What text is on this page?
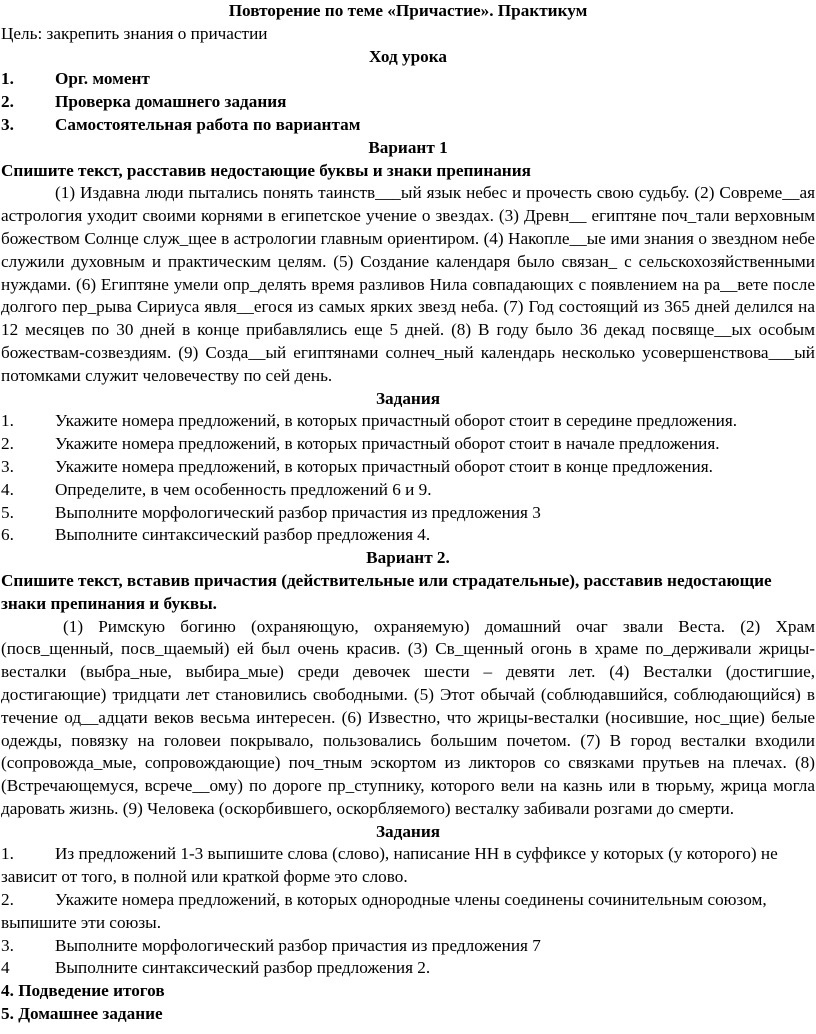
Повторение по теме «Причастие». Практикум

Цель: закрепить знания о причастии

Ход урока
1.	Орг. момент
2.	Проверка домашнего задания
3.	Самостоятельная работа по вариантам
Вариант 1

Спишите текст, расставив недостающие буквы и знаки препинания

(1) Издавна люди пытались понять таинств___ый язык небес и прочесть свою судьбу. (2) Совреме__ая астрология уходит своими корнями в египетское учение о звездах. (3) Древн__ египтяне поч_тали верховным божеством Солнце служ_щее в астрологии главным ориентиром. (4) Накопле__ые ими знания о звездном небе служили духовным и практическим целям. (5) Создание календаря было связан_ с сельскохозяйственными нуждами. (6) Египтяне умели опр_делять время разливов Нила совпадающих с появлением на ра__вете после долгого пер_рыва Сириуса явля__егося из самых ярких звезд неба. (7) Год состоящий из 365 дней делился на 12 месяцев по 30 дней в конце прибавлялись еще 5 дней. (8) В году было 36 декад посвяще__ых особым божествам-созвездиям. (9) Созда__ый египтянами солнеч_ный календарь несколько усовершенствова___ый потомками служит человечеству по сей день.

Задания
1.	Укажите номера предложений, в которых причастный оборот стоит в середине предложения.
2.	Укажите номера предложений, в которых причастный оборот стоит в начале предложения.
3.	Укажите номера предложений, в которых причастный оборот стоит в конце предложения.
4.	Определите, в чем особенность предложений 6 и 9.
5.	Выполните морфологический разбор причастия из предложения 3
6.	Выполните синтаксический разбор предложения 4.
Вариант 2.

Спишите текст, вставив причастия (действительные или страдательные), расставив недостающие знаки препинания и буквы.

(1) Римскую богиню (охраняющую, охраняемую) домашний очаг звали Веста. (2) Храм (посв_щенный, посв_щаемый) ей был очень красив. (3) Св_щенный огонь в храме по_держивали жрицы-весталки (выбра_ные, выбира_мые) среди девочек шести – девяти лет. (4) Весталки (достигшие, достигающие) тридцати лет становились свободными. (5) Этот обычай (соблюдавшийся, соблюдающийся) в течение од__адцати веков весьма интересен. (6) Известно, что жрицы-весталки (носившие, нос_щие) белые одежды, повязку на головеи покрывало, пользовались большим почетом. (7) В город весталки входили (сопровожда_мые, сопровождающие) поч_тным эскортом из ликторов со связками прутьев на плечах. (8) (Встречающемуся, всрече__ому) по дороге пр_ступнику, которого вели на казнь или в тюрьму, жрица могла даровать жизнь. (9) Человека (оскорбившего, оскорбляемого) весталку забивали розгами до смерти.

Задания

1. Из предложений 1-3 выпишите слова (слово), написание НН в суффиксе у которых (у которого) не зависит от того, в полной или краткой форме это слово.

2. Укажите номера предложений, в которых однородные члены соединены сочинительным союзом, выпишите эти союзы.

3. Выполните морфологический разбор причастия из предложения 7

4	Выполните синтаксический разбор предложения 2.

4. Подведение итогов

5. Домашнее задание
